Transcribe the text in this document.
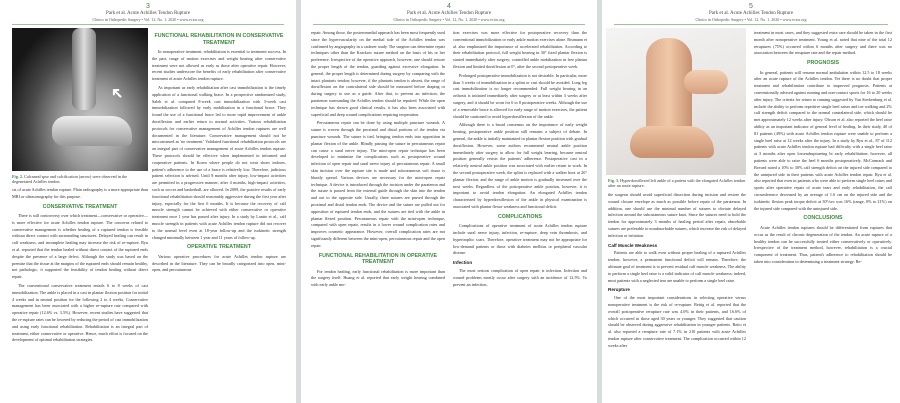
3
Park et al. Acute Achilles Tendon Rupture
Clinics in Orthopedic Surgery • Vol. 12, No. 1, 2020 • www.ecios.org
➜
Fig. 2. Calcaneal spur and calcification (arrow) were observed in the degenerated Achilles tendon.

sis of acute Achilles tendon rupture. Plain radiography is a more appropriate than MRI or ultrasonography for this purpose.

CONSERVATIVE TREATMENT

There is still controversy over which treatment—conservative or operative—is more effective for acute Achilles tendon rupture. The concerns related to conservative management is whether healing of a ruptured tendon is feasible without direct contact with surrounding structures. Delayed healing can result in calf weakness, and incomplete healing may increase the risk of re-rupture. Ryu et al. reported that the tendon healed without direct contact of the ruptured ends despite the presence of a large defect. Although the study was based on the premise that the tissue at the margins of the ruptured ends should remain healthy, not pathologic, it supported the feasibility of tendon healing without direct repair.

The conventional conservative treatment entails 6 to 8 weeks of cast immobilization. The ankle is placed in a cast in plantar flexion position for initial 4 weeks and in neutral position for the following 2 to 4 weeks. Conservative management has been associated with a higher re-rupture rate compared with operative repair (12.6% vs. 3.5%). However, recent studies have suggested that the re-rupture rates can be lowered by reducing the period of cast immobilization and using early functional rehabilitation. Rehabilitation is an integral part of treatment, either conservative or operative. Hence, much effort is focused on the development of optimal rehabilitation strategies.

FUNCTIONAL REHABILITATION IN CONSERVATIVE TREATMENT

In nonoperative treatment, rehabilitation is essential to treatment success. In the past, range of motion exercises and weight bearing after conservative treatment were not allowed as early as those after operative repair. However, recent studies underscore the benefits of early rehabilitation after conservative treatment of acute Achilles tendon rupture.

As important as early rehabilitation after cast immobilization is the timely application of a functional walking brace. In a prospective randomized study, Saleh et al. compared 8-week cast immobilization with 3-week cast immobilization followed by early mobilization in a functional brace. They found the use of a functional brace led to more rapid improvement of ankle dorsiflexion and earlier return to normal activities. Various rehabilitation protocols for conservative management of Achilles tendon ruptures are well documented in the literature. Conservative management should not be misconstrued as 'no treatment.' Validated functional rehabilitation protocols are an integral part of conservative management of acute Achilles tendon rupture. These protocols should be effective when implemented in informed and cooperative patients. In Korea where people do not wear shoes indoors, patient's adherence to the use of a brace is relatively low. Therefore, judicious patient selection is advised. Until 8 months after injury, low-impact activities are permitted in a progressive manner; after 4 months, high-impact activities, such as soccer and basketball, are allowed. In 2009, the positive results of early functional rehabilitation should reasonably aggressive during the first year after injury, especially for the first 6 months. It is because the recovery of calf muscle strength cannot be achieved with either conservative or operative treatment once 1 year has passed after injury. In a study by Lantto et al., calf muscle strength in patients with acute Achilles tendon rupture did not recover to the normal level even at 18-year follow-up and the isokinetic strength changed minimally between 1 year and 11 years of follow-up.

OPERATIVE TREATMENT

Various operative procedures for acute Achilles tendon rupture are described in the literature. They can be broadly categorized into open, mini-open, and percutaneous

4
Park et al. Acute Achilles Tendon Rupture
Clinics in Orthopedic Surgery • Vol. 12, No. 1, 2020 • www.ecios.org

repair. Among those, the posteromedial approach has been most frequently used since the hypervascularity on the medial side of the Achilles tendon was confirmed by angiography in a cadaver study. The surgeon can determine repair techniques other than the Krackow suture method on the basis of his or her preference. Irrespective of the operative approach, however, one should restore the proper length of the tendon, guarding against excessive elongation. In general, the proper length is determined during surgery by comparing with the intact plantaris tendon; however, if the plantaris tendon is absent, the range of dorsiflexion on the contralateral side should be measured before draping or during surgery to use as a guide. After that, to prevent an infection, the paratenon surrounding the Achilles tendon should be repaired. While the open technique has shown good clinical results, it has also been associated with superficial and deep wound complications requiring reoperation.

Percutaneous repair can be done by using multiple puncture wounds. A suture is woven through the proximal and distal portions of the tendon via puncture wounds. The suture is tied, bringing tendon ends into apposition in plantar flexion of the ankle. Blindly passing the suture in percutaneous repair can cause a sural nerve injury. The mini-open repair technique has been developed to minimize the complications such as postoperative wound infection of open repair and sural nerve injury of percutaneous repair. A small skin incision over the rupture site is made and subcutaneous soft tissue is bluntly spread. Various devices are necessary for the mini-open repair technique. A device is introduced through the incision under the paratenon and the suture is passed from the external guide through the skin into the tendon and out to the opposite side. Usually, three sutures are passed through the proximal and distal tendon ends. The device and the suture are pulled out for apposition of ruptured tendon ends, and the sutures are tied with the ankle in plantar flexed position. Percutaneous repair with the mini-open technique, compared with open repair, results in a lower wound complication rates and improves cosmetic appearance. However, overall complication rates are not significantly different between the mini-open, percutaneous repair and the open repair.

FUNCTIONAL REHABILITATION IN OPERATIVE TREATMENT

For tendon healing, early functional rehabilitation is more important than the surgery itself. Huang et al. reported that early weight bearing combined with early ankle mo-

tion exercises was more effective for postoperative recovery than the conventional immobilization or early ankle motion exercises alone. Brumann et al. also emphasized the importance of accelerated rehabilitation. According to their rehabilitation protocol, full weight bearing in 30° fixed plantar flexion is started immediately after surgery; controlled ankle mobilization in free plantar flexion and limited dorsiflexion at 0°, after the second postoperative week.

Prolonged postoperative immobilization is not desirable. In particular, more than 3 weeks of immobilization in a splint or cast should be avoided. Long leg cast immobilization is no longer recommended. Full weight bearing in an orthosis is initiated immediately after surgery or at least within 3 weeks after surgery, and it should be worn for 6 to 8 postoperative weeks. Although the use of a removable brace is allowed for early range of motion exercises, the patient should be cautioned to avoid hyperdorsiflexion of the ankle.

Although there is a broad consensus on the importance of early weight bearing, postoperative ankle position still remains a subject of debate. In general, the ankle is initially maintained in plantar flexion position with gradual dorsiflexion. However, some authors recommend neutral ankle position immediately after surgery to allow for full weight bearing, because neutral position generally resists the patients' adherence. Postoperative cast in a relatively neutral ankle position was associated with earlier return to work. In the second postoperative week, the splint is replaced with a walker boot at 20° plantar flexion, and the range of ankle motion is gradually increased over the next weeks. Regardless of the postoperative ankle position, however, it is important to avoid tendon elongation. An elongated Achilles tendon characterized by hyperdorsiflexion of the ankle in physical examination is associated with plantar flexor weakness and functional deficit.

COMPLICATIONS

Complications of operative treatment of acute Achilles tendon rupture include sural nerve injury, infection, re-rupture, deep vein thrombosis, and hypertrophic scars. Therefore, operative treatment may not be appropriate for low-demand patients or those with diabetes mellitus or peripheral vascular disease.

Infection

The most serious complication of open repair is infection. Infection and wound problems mostly occur after surgery with an incidence of 12.5%. To prevent an infection,

5
Park et al. Acute Achilles Tendon Rupture
Clinics in Orthopedic Surgery • Vol. 12, No. 1, 2020 • www.ecios.org
Fig. 3. Hyperdorsiflexed left ankle of a patient with the elongated Achilles tendon after an acute rupture.

the surgeon should avoid superficial dissection during incision and restore the wound closure envelope as much as possible before repair of the paratenon. In addition, one should use the minimal number of sutures to obviate delayed infection around the subcutaneous suture knot. Since the sutures need to hold the tendon for approximately 3 months of healing period after repair, absorbable sutures are preferable to nonabsorbable sutures, which increase the risk of delayed infection or irritation.

Calf Muscle Weakness

Patients are able to walk even without proper healing of a ruptured Achilles tendon; however, a permanent functional deficit will remain. Therefore, the ultimate goal of treatment is to prevent residual calf muscle weakness. The ability to perform a single heel raise is a valid indicator of calf muscle weakness; indeed, most patients with a neglected tear are unable to perform a single heel raise.

Rerupture

One of the most important considerations in selecting operative versus nonoperative treatment is the risk of re-rupture. Rettig et al. reported that the overall postoperative rerupture rate was 4.0% in their patients, and 16.6% of which occurred in those aged 30 years or younger. They suggested that caution should be observed during aggressive rehabilitation in younger patients. Reito et al. also reported a rerupture rate of 7.1% in 210 patients with acute Achilles tendon rupture after conservative treatment. The complication occurred within 12 weeks after

treatment in most cases, and they suggested extra care should be taken in the first month after nonoperative treatment. Young et al. noted that nine of the total 12 reruptures (75%) occurred within 6 months after surgery and there was no association between the rerupture rate and the repair method.

PROGNOSIS

In general, patients will resume normal ambulation within 12.5 to 18 weeks after an acute rupture of the Achilles tendon. Yet there is no doubt that proper treatment and rehabilitation contribute to improved prognosis. Patients at conventionally advised against running and non-contact sports for 16 to 20 weeks after injury. The criteria for return to running suggested by Van Sterkenburg et al. include the ability to perform repetitive single heel raises and toe walking and 2% calf strength deficit compared to the normal contralateral side, which should be met approximately 12 weeks after injury. Olsson et al. also reported the heel raise ability as an important indicator of general level of healing. In their study, 40 of 81 patients (49%) with acute Achilles tendon rupture were unable to perform a single heel raise at 12 weeks after the injury. In a study by Ryu et al., 87 of 112 patients with acute Achilles tendon rupture had difficulty with a single heel raise at 3 months after open lossendruptureing bt early rehabilitation; however, all patients were able to raise the heel 6 months postoperatively. McCormack and Bovard noted a 10% to 30% calf strength deficit on the injured side compared to the uninjured side in their patients with acute Achilles tendon repair. Ryu et al. also reported that even in patients who were able to perform single heel raises and sports after operative repair of acute tears and early rehabilitation, the calf circumference decreased by an average of 1.6 cm on the injured side and the isokinetic flexion peak torque deficit at 30°/sec was 16% (range, 0% to 21%) on the injured side compared with the uninjured side.

CONCLUSIONS

Acute Achilles tendon ruptures should be differentiated from ruptures that occur as the result of chronic degeneration of the tendon. An acute rupture of a healthy tendon can be successfully treated either conservatively or operatively. Irrespective of the treatment method, however, rehabilitation is a crucial component of treatment. Thus, patient's adherence to rehabilitation should be taken into consideration in determining a treatment strategy. Re-
